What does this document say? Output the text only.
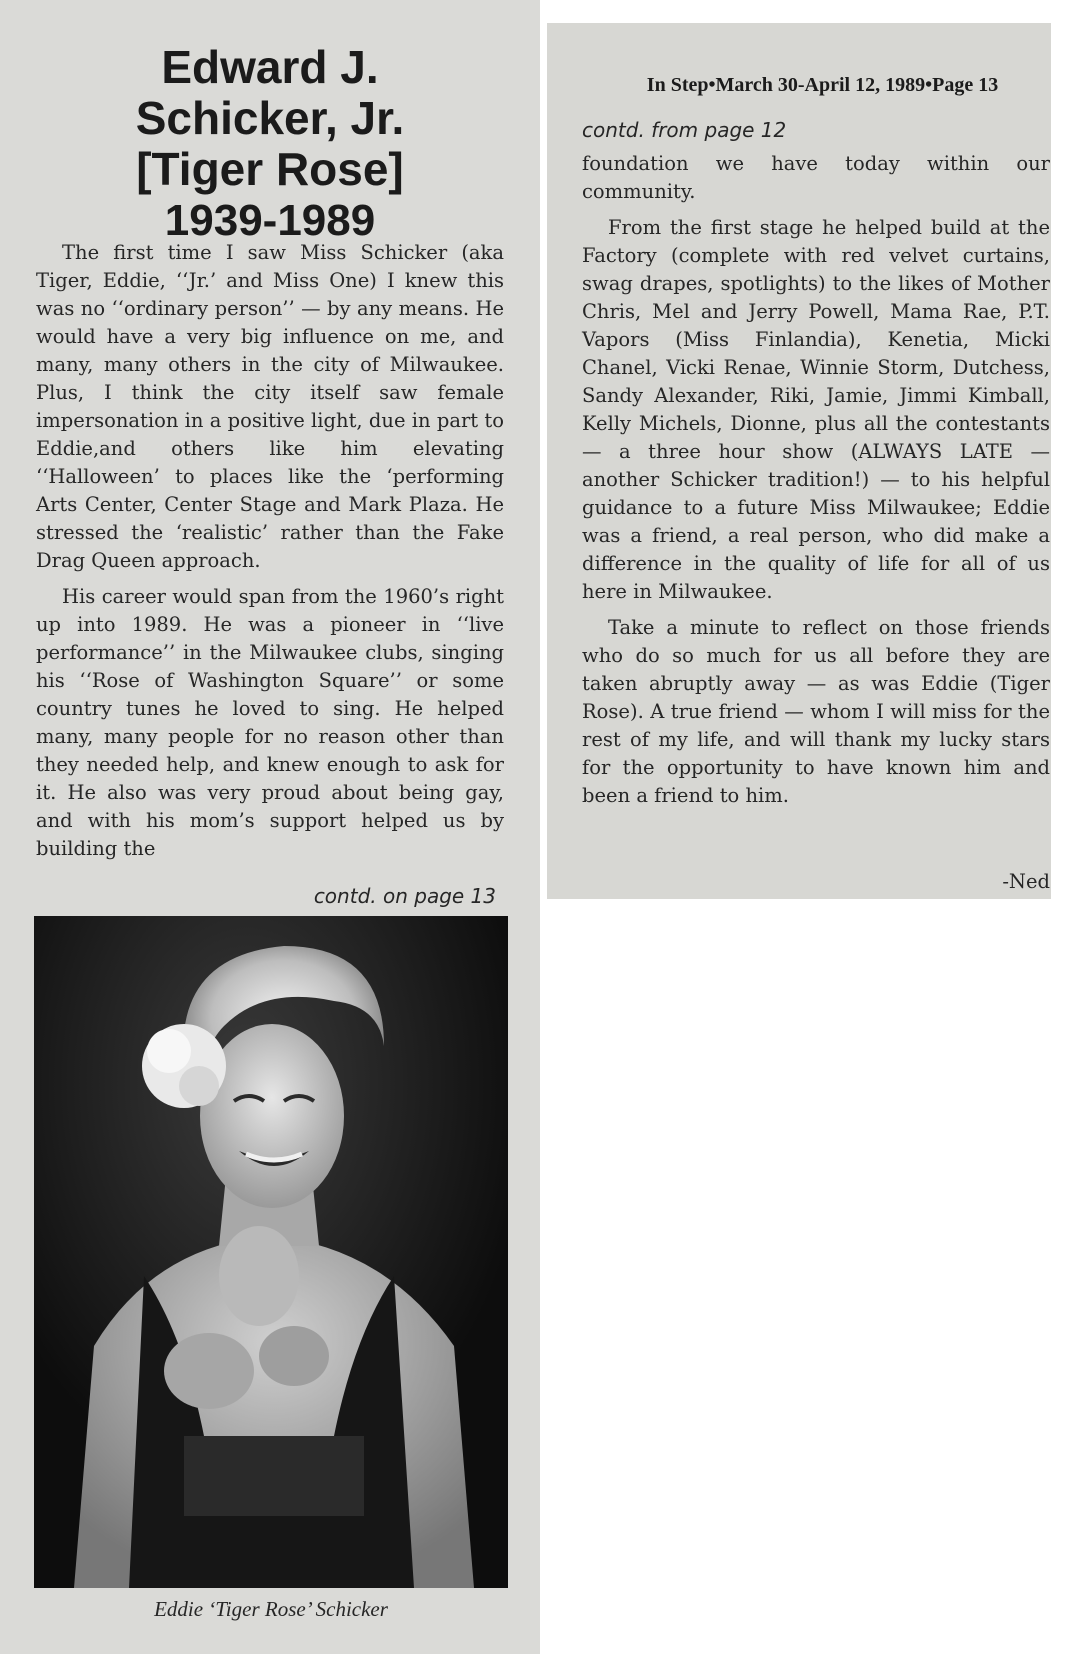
Edward J.
Schicker, Jr.
[Tiger Rose]
1939-1989

The first time I saw Miss Schicker (aka Tiger, Eddie, ‘‘Jr.’ and Miss One) I knew this was no ‘‘ordinary person’’ — by any means. He would have a very big influence on me, and many, many others in the city of Milwaukee. Plus, I think the city itself saw female impersonation in a positive light, due in part to Eddie,and others like him elevating ‘‘Halloween’ to places like the ‘performing Arts Center, Center Stage and Mark Plaza. He stressed the ‘realistic’ rather than the Fake Drag Queen approach.

His career would span from the 1960’s right up into 1989. He was a pioneer in ‘‘live performance’’ in the Milwaukee clubs, singing his ‘‘Rose of Washington Square’’ or some country tunes he loved to sing. He helped many, many people for no reason other than they needed help, and knew enough to ask for it. He also was very proud about being gay, and with his mom’s support helped us by building the

contd. on page 13
Eddie ‘Tiger Rose’ Schicker
In Step•March 30-April 12, 1989•Page 13
contd. from page 12

foundation we have today within our community.

From the first stage he helped build at the Factory (complete with red velvet curtains, swag drapes, spotlights) to the likes of Mother Chris, Mel and Jerry Powell, Mama Rae, P.T. Vapors (Miss Finlandia), Kenetia, Micki Chanel, Vicki Renae, Winnie Storm, Dutchess, Sandy Alexander, Riki, Jamie, Jimmi Kimball, Kelly Michels, Dionne, plus all the contestants — a three hour show (ALWAYS LATE — another Schicker tradition!) — to his helpful guidance to a future Miss Milwaukee; Eddie was a friend, a real person, who did make a difference in the quality of life for all of us here in Milwaukee.

Take a minute to reflect on those friends who do so much for us all before they are taken abruptly away — as was Eddie (Tiger Rose). A true friend — whom I will miss for the rest of my life, and will thank my lucky stars for the opportunity to have known him and been a friend to him.

-Ned
